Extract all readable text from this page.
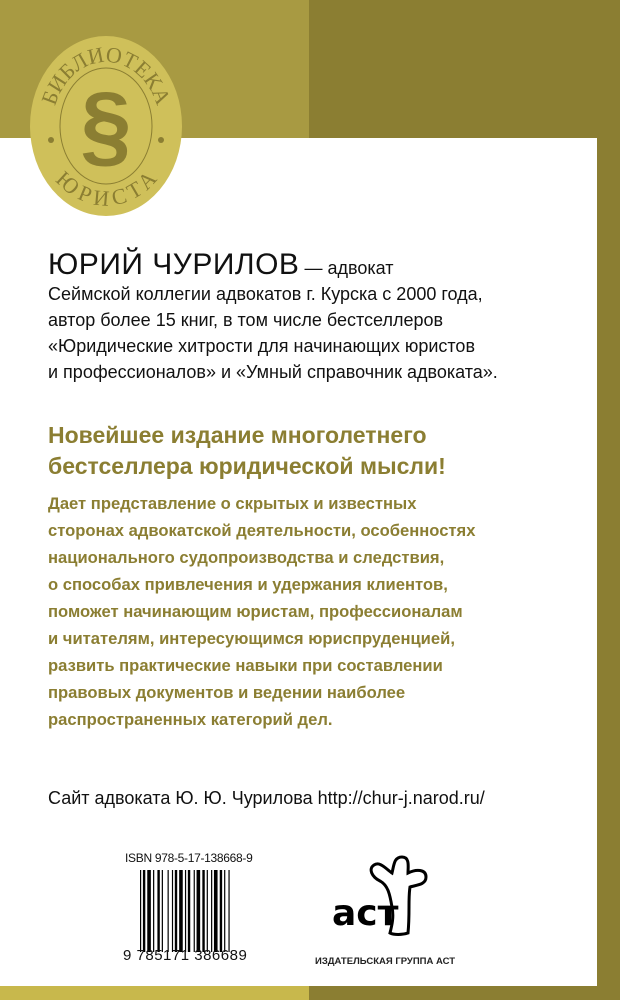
БИБЛИОТЕКА
ЮРИСТА
§
ЮРИЙ ЧУРИЛОВ — адвокат
Сеймской коллегии адвокатов г. Курска с 2000 года,
автор более 15 книг, в том числе бестселлеров
«Юридические хитрости для начинающих юристов
и профессионалов» и «Умный справочник адвоката».
Новейшее издание многолетнего
бестселлера юридической мысли!
Дает представление о скрытых и известных
сторонах адвокатской деятельности, особенностях
национального судопроизводства и следствия,
о способах привлечения и удержания клиентов,
поможет начинающим юристам, профессионалам
и читателям, интересующимся юриспруденцией,
развить практические навыки при составлении
правовых документов и ведении наиболее
распространенных категорий дел.
Сайт адвоката Ю. Ю. Чурилова http://chur-j.narod.ru/
ISBN 978-5-17-138668-9
9 785171 386689
аст
ИЗДАТЕЛЬСКАЯ ГРУППА АСТ
